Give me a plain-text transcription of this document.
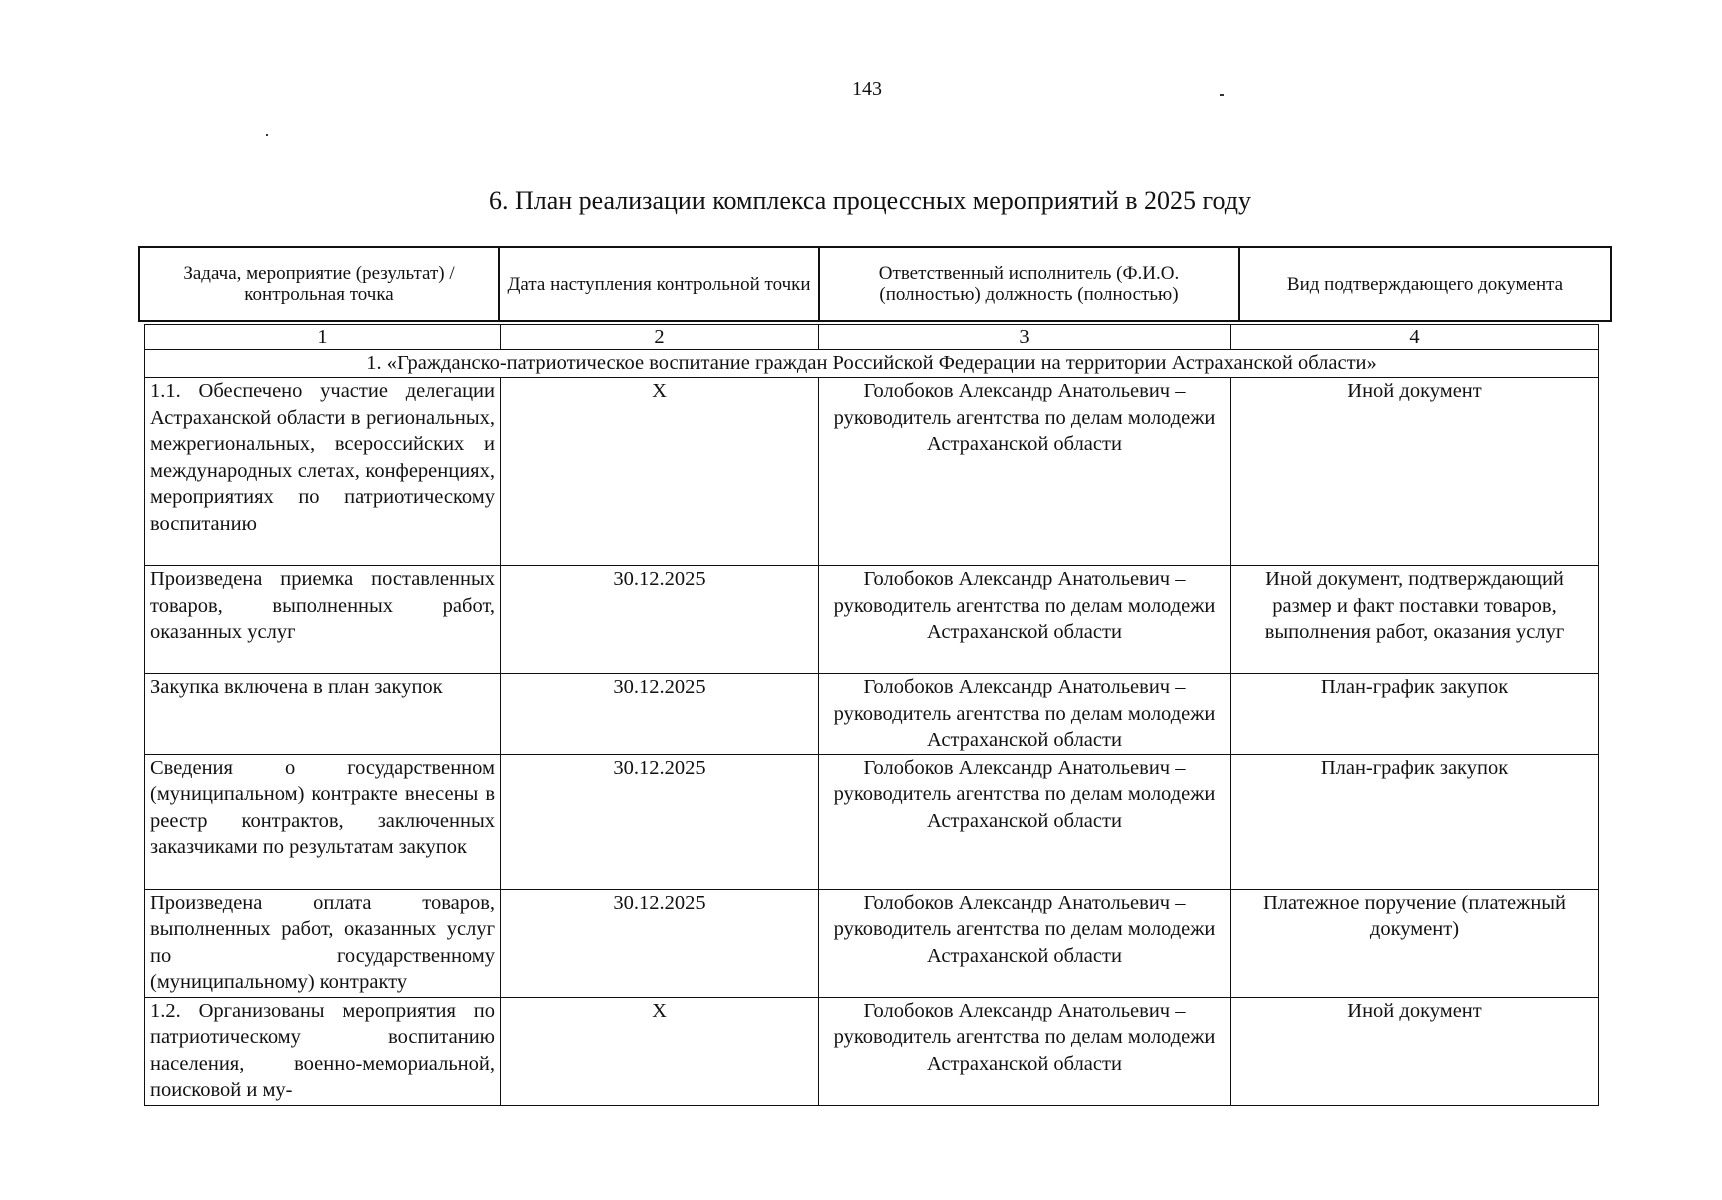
143
6. План реализации комплекса процессных мероприятий в 2025 году
Задача, мероприятие (результат) / контрольная точка	Дата наступления контрольной точки	Ответственный исполнитель (Ф.И.О. (полностью) должность (полностью)	Вид подтверждающего документа
1	2	3	4
1. «Гражданско-патриотическое воспитание граждан Российской Федерации на территории Астраханской области»			
1.1. Обеспечено участие делегации Астраханской области в региональных, межрегиональных, всероссийских и международных слетах, конференциях, мероприятиях по патриотическому воспитанию	X	Голобоков Александр Анатольевич – руководитель агентства по делам молодежи Астраханской области	Иной документ
Произведена приемка поставленных товаров, выполненных работ, оказанных услуг	30.12.2025	Голобоков Александр Анатольевич – руководитель агентства по делам молодежи Астраханской области	Иной документ, подтверждающий размер и факт поставки товаров, выполнения работ, оказания услуг
Закупка включена в план закупок	30.12.2025	Голобоков Александр Анатольевич – руководитель агентства по делам молодежи Астраханской области	План-график закупок
Сведения о государственном (муниципальном) контракте внесены в реестр контрактов, заключенных заказчиками по результатам закупок	30.12.2025	Голобоков Александр Анатольевич – руководитель агентства по делам молодежи Астраханской области	План-график закупок
Произведена оплата товаров, выполненных работ, оказанных услуг по государственному (муниципальному) контракту	30.12.2025	Голобоков Александр Анатольевич – руководитель агентства по делам молодежи Астраханской области	Платежное поручение (платежный документ)
1.2. Организованы мероприятия по патриотическому воспитанию населения, военно-мемориальной, поисковой и му-	X	Голобоков Александр Анатольевич – руководитель агентства по делам молодежи Астраханской области	Иной документ
